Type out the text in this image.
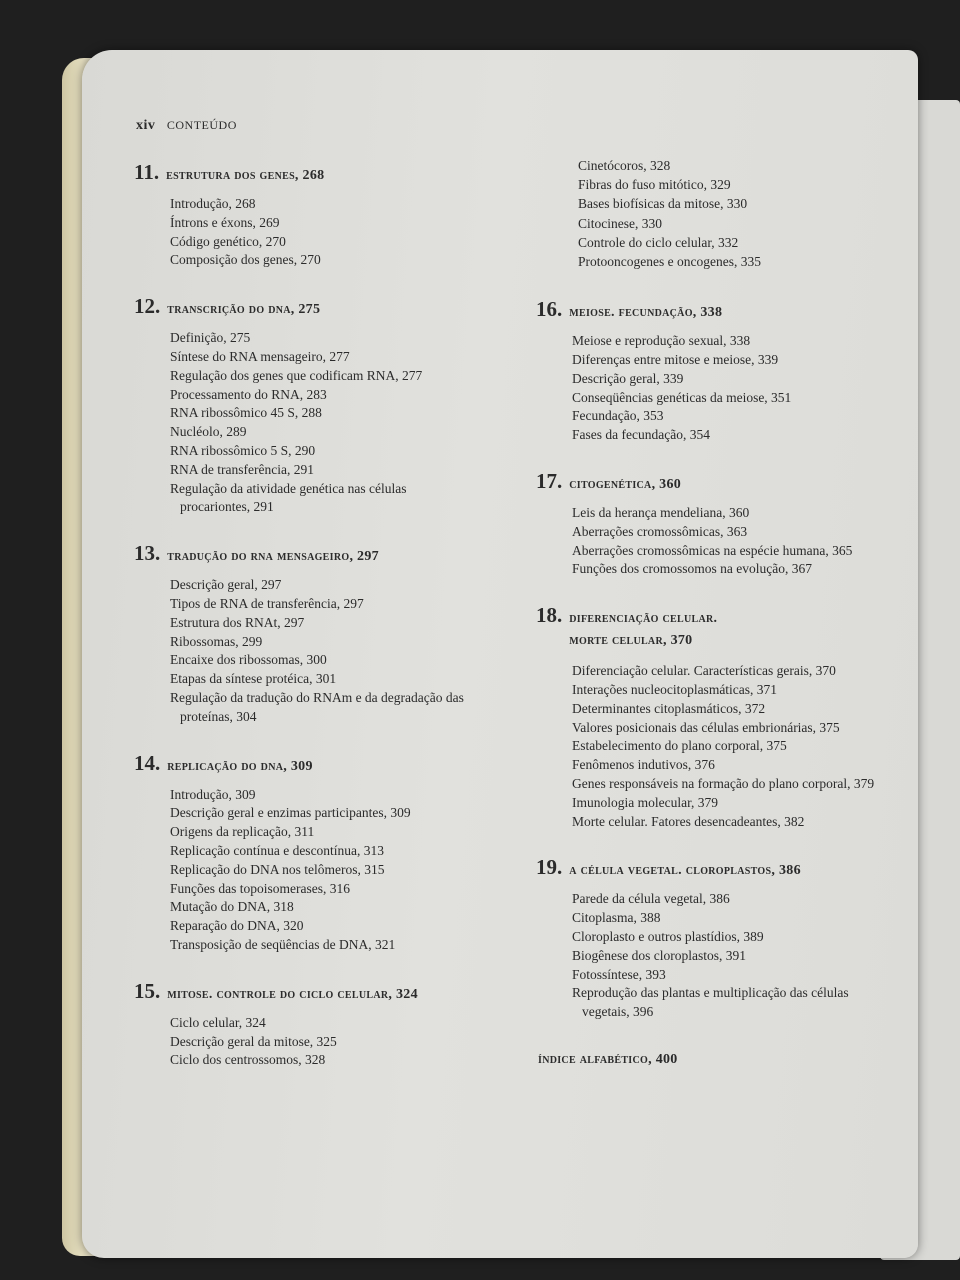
xiv CONTEÚDO
11. estrutura dos genes, 268
Introdução, 268
Íntrons e éxons, 269
Código genético, 270
Composição dos genes, 270
12. transcrição do dna, 275
Definição, 275
Síntese do RNA mensageiro, 277
Regulação dos genes que codificam RNA, 277
Processamento do RNA, 283
RNA ribossômico 45 S, 288
Nucléolo, 289
RNA ribossômico 5 S, 290
RNA de transferência, 291
Regulação da atividade genética nas células
procariontes, 291
13. tradução do rna mensageiro, 297
Descrição geral, 297
Tipos de RNA de transferência, 297
Estrutura dos RNAt, 297
Ribossomas, 299
Encaixe dos ribossomas, 300
Etapas da síntese protéica, 301
Regulação da tradução do RNAm e da degradação das
proteínas, 304
14. replicação do dna, 309
Introdução, 309
Descrição geral e enzimas participantes, 309
Origens da replicação, 311
Replicação contínua e descontínua, 313
Replicação do DNA nos telômeros, 315
Funções das topoisomerases, 316
Mutação do DNA, 318
Reparação do DNA, 320
Transposição de seqüências de DNA, 321
15. mitose. controle do ciclo celular, 324
Ciclo celular, 324
Descrição geral da mitose, 325
Ciclo dos centrossomos, 328
Cinetócoros, 328
Fibras do fuso mitótico, 329
Bases biofísicas da mitose, 330
Citocinese, 330
Controle do ciclo celular, 332
Protooncogenes e oncogenes, 335
16. meiose. fecundação, 338
Meiose e reprodução sexual, 338
Diferenças entre mitose e meiose, 339
Descrição geral, 339
Conseqüências genéticas da meiose, 351
Fecundação, 353
Fases da fecundação, 354
17. citogenética, 360
Leis da herança mendeliana, 360
Aberrações cromossômicas, 363
Aberrações cromossômicas na espécie humana, 365
Funções dos cromossomos na evolução, 367
18. diferenciação celular.
morte celular, 370
Diferenciação celular. Características gerais, 370
Interações nucleocitoplasmáticas, 371
Determinantes citoplasmáticos, 372
Valores posicionais das células embrionárias, 375
Estabelecimento do plano corporal, 375
Fenômenos indutivos, 376
Genes responsáveis na formação do plano corporal, 379
Imunologia molecular, 379
Morte celular. Fatores desencadeantes, 382
19. a célula vegetal. cloroplastos, 386
Parede da célula vegetal, 386
Citoplasma, 388
Cloroplasto e outros plastídios, 389
Biogênese dos cloroplastos, 391
Fotossíntese, 393
Reprodução das plantas e multiplicação das células
vegetais, 396
índice alfabético, 400
